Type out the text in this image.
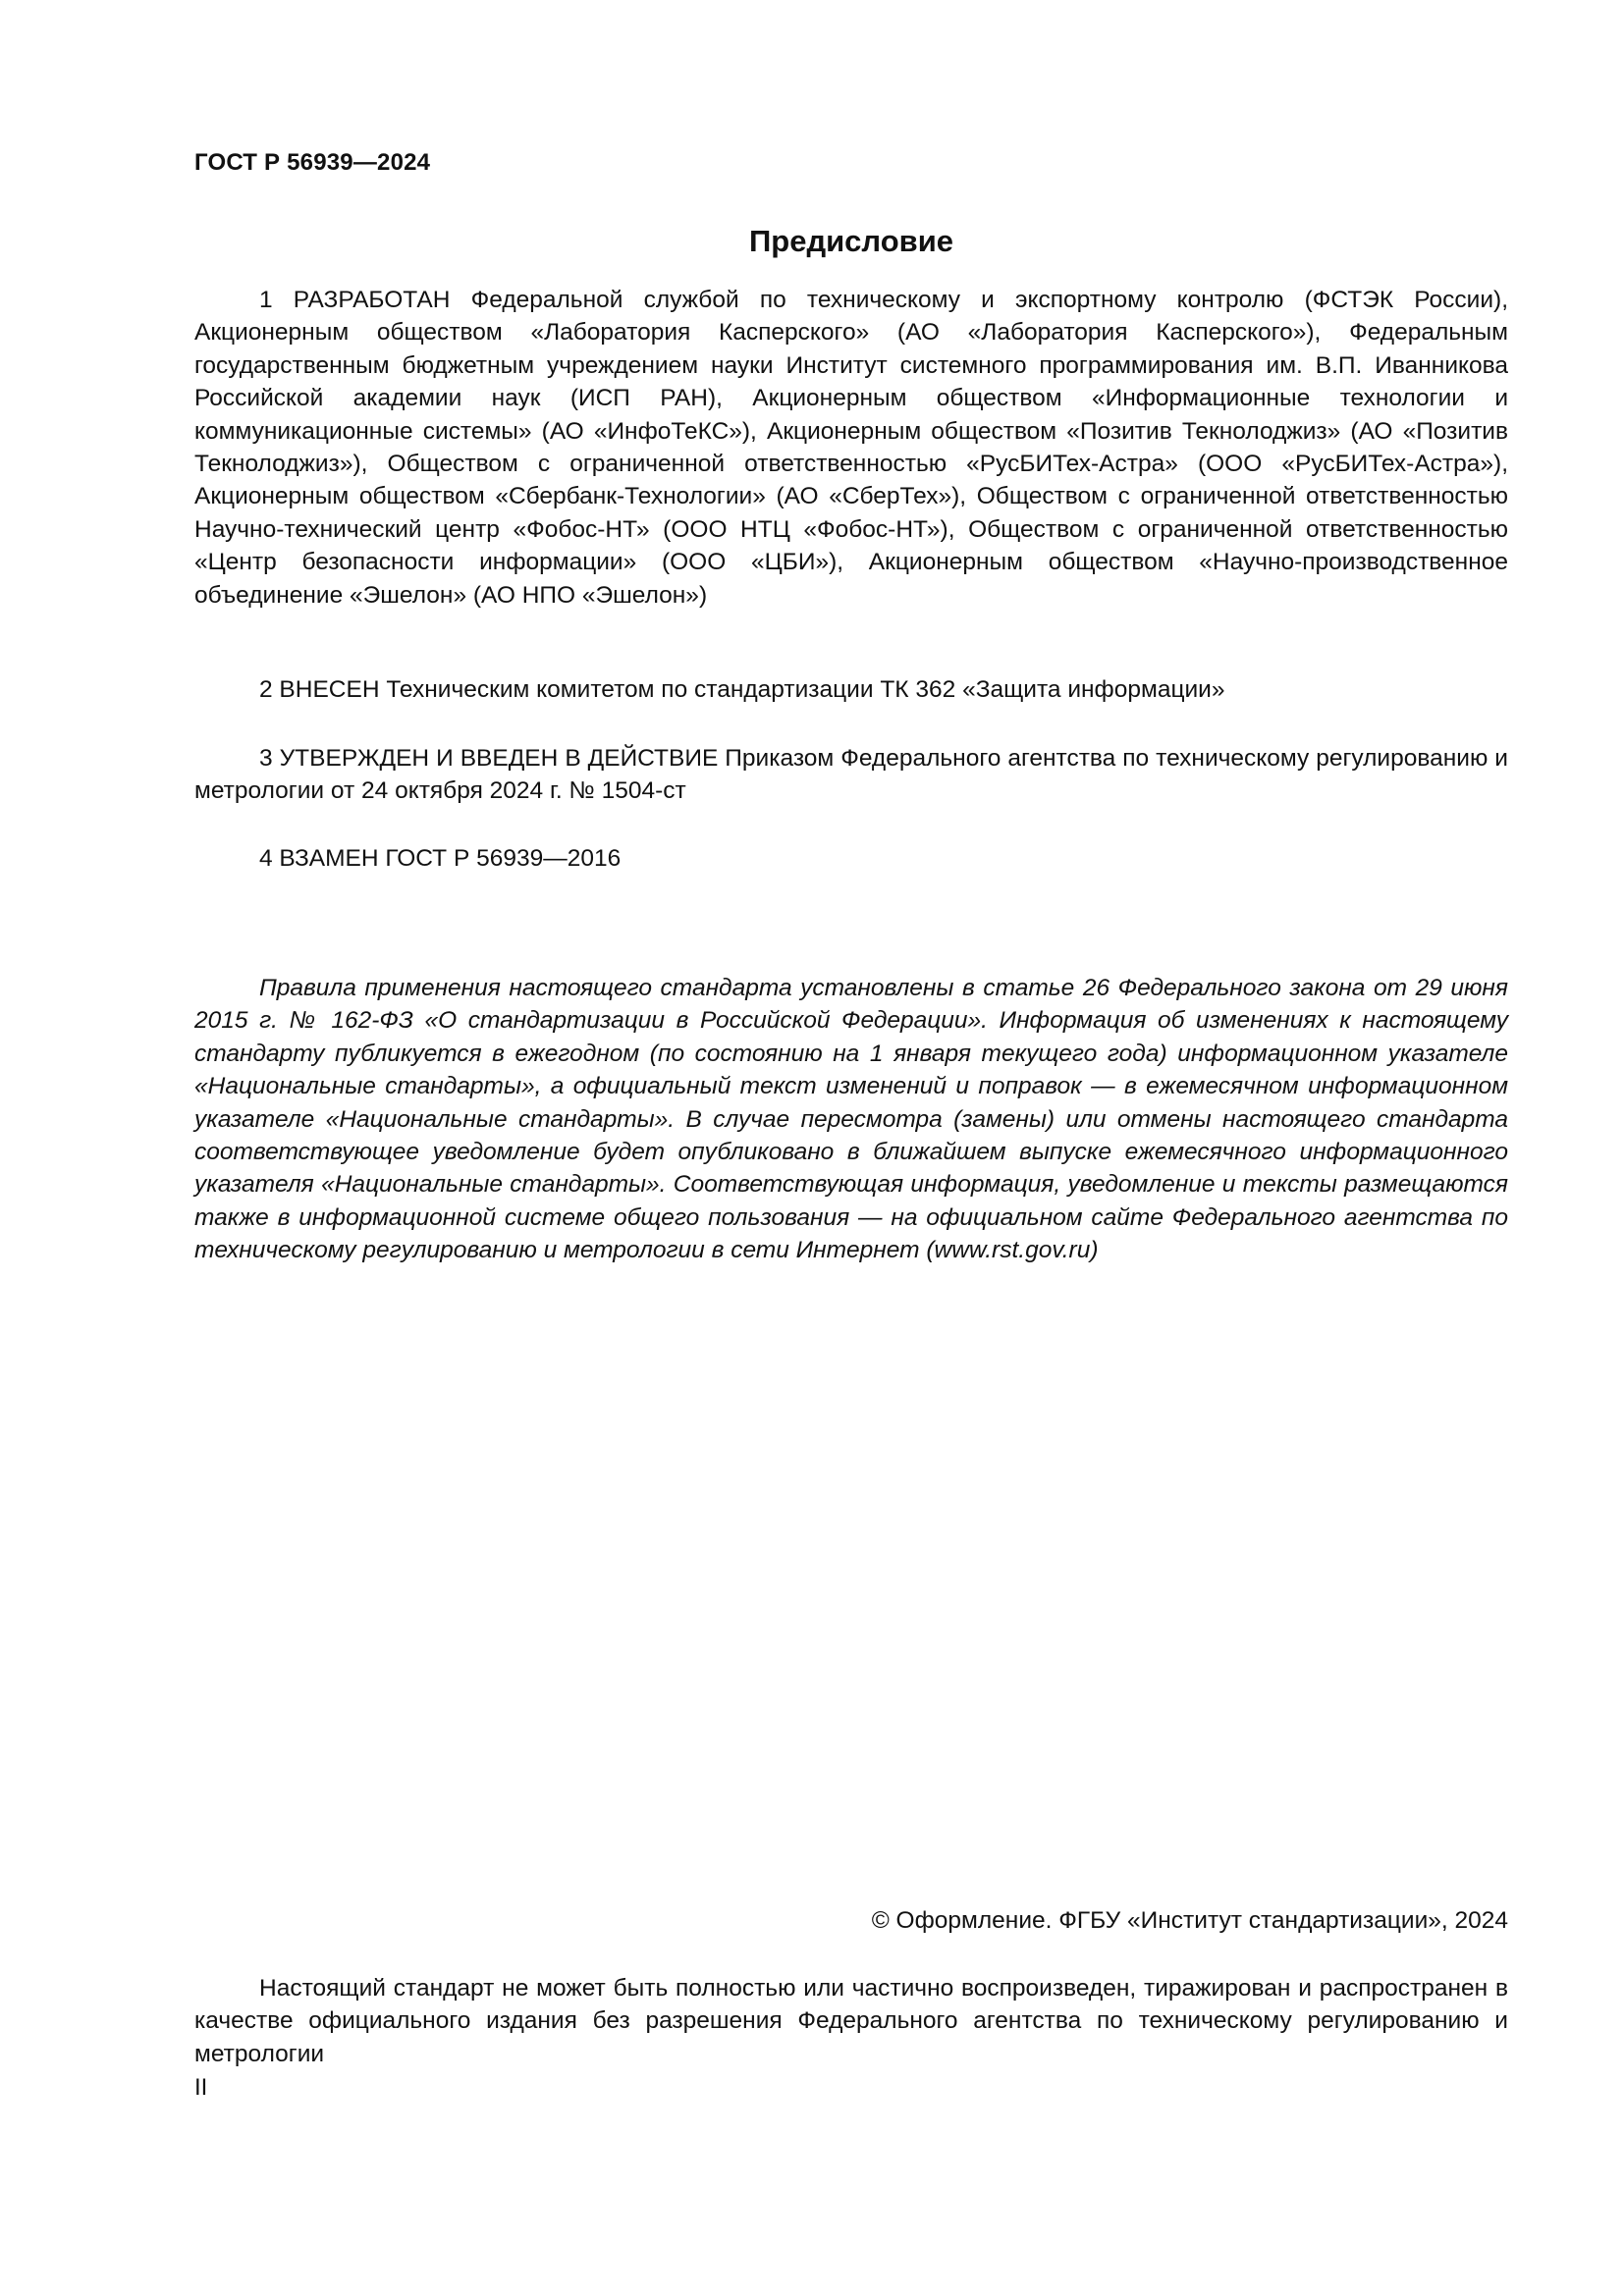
ГОСТ Р 56939—2024
Предисловие

1 РАЗРАБОТАН Федеральной службой по техническому и экспортному контролю (ФСТЭК России), Акционерным обществом «Лаборатория Касперского» (АО «Лаборатория Касперского»), Федеральным государственным бюджетным учреждением науки Институт системного программирования им. В.П. Иванникова Российской академии наук (ИСП РАН), Акционерным обществом «Информационные технологии и коммуникационные системы» (АО «ИнфоТеКС»), Акционерным обществом «Позитив Текнолоджиз» (АО «Позитив Текнолоджиз»), Обществом с ограниченной ответственностью «РусБИТех-Астра» (ООО «РусБИТех-Астра»), Акционерным обществом «Сбербанк-Технологии» (АО «СберТех»), Обществом с ограниченной ответственностью Научно-технический центр «Фобос-НТ» (ООО НТЦ «Фобос-НТ»), Обществом с ограниченной ответственностью «Центр безопасности информации» (ООО «ЦБИ»), Акционерным обществом «Научно-производственное объединение «Эшелон» (АО НПО «Эшелон»)

2 ВНЕСЕН Техническим комитетом по стандартизации ТК 362 «Защита информации»

3 УТВЕРЖДЕН И ВВЕДЕН В ДЕЙСТВИЕ Приказом Федерального агентства по техническому регулированию и метрологии от 24 октября 2024 г. № 1504-ст

4 ВЗАМЕН ГОСТ Р 56939—2016

Правила применения настоящего стандарта установлены в статье 26 Федерального закона от 29 июня 2015 г. № 162-ФЗ «О стандартизации в Российской Федерации». Информация об изменениях к настоящему стандарту публикуется в ежегодном (по состоянию на 1 января текущего года) информационном указателе «Национальные стандарты», а официальный текст изменений и поправок — в ежемесячном информационном указателе «Национальные стандарты». В случае пересмотра (замены) или отмены настоящего стандарта соответствующее уведомление будет опубликовано в ближайшем выпуске ежемесячного информационного указателя «Национальные стандарты». Соответствующая информация, уведомление и тексты размещаются также в информационной системе общего пользования — на официальном сайте Федерального агентства по техническому регулированию и метрологии в сети Интернет (www.rst.gov.ru)

© Оформление. ФГБУ «Институт стандартизации», 2024

Настоящий стандарт не может быть полностью или частично воспроизведен, тиражирован и распространен в качестве официального издания без разрешения Федерального агентства по техническому регулированию и метрологии

II
